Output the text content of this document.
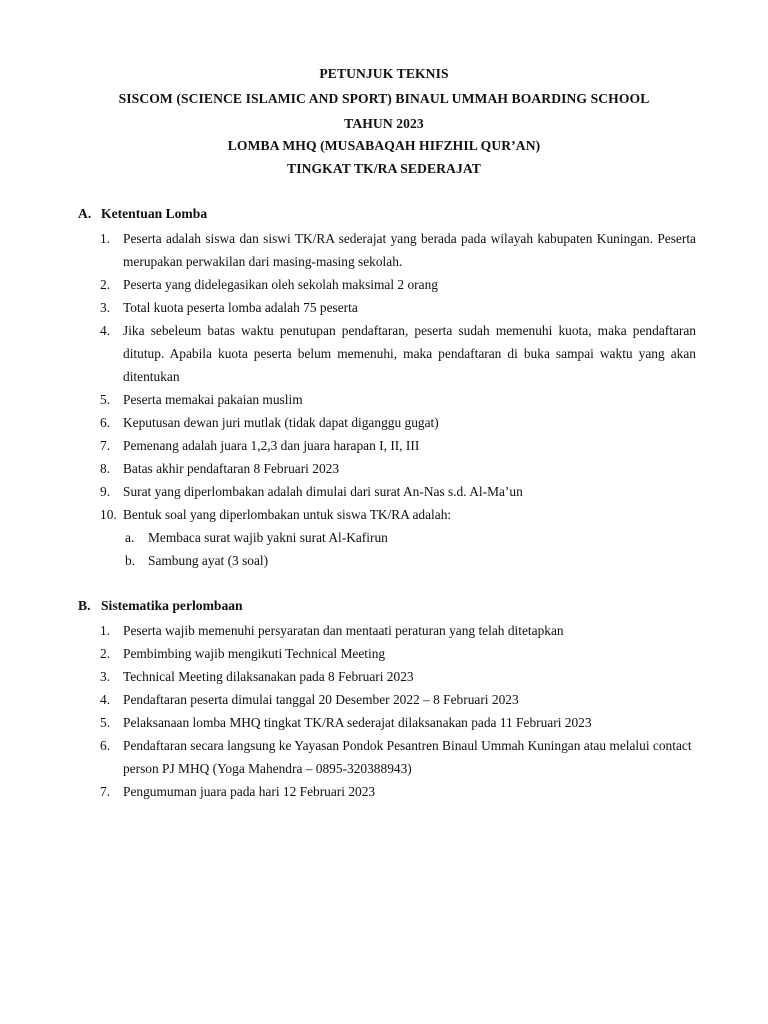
PETUNJUK TEKNIS
SISCOM (SCIENCE ISLAMIC AND SPORT) BINAUL UMMAH BOARDING SCHOOL
TAHUN 2023
LOMBA MHQ (MUSABAQAH HIFZHIL QUR’AN)
TINGKAT TK/RA SEDERAJAT
A. Ketentuan Lomba
1. Peserta adalah siswa dan siswi TK/RA sederajat yang berada pada wilayah kabupaten Kuningan. Peserta merupakan perwakilan dari masing-masing sekolah.
2. Peserta yang didelegasikan oleh sekolah maksimal 2 orang
3. Total kuota peserta lomba adalah 75 peserta
4. Jika sebeleum batas waktu penutupan pendaftaran, peserta sudah memenuhi kuota, maka pendaftaran ditutup. Apabila kuota peserta belum memenuhi, maka pendaftaran di buka sampai waktu yang akan ditentukan
5. Peserta memakai pakaian muslim
6. Keputusan dewan juri mutlak (tidak dapat diganggu gugat)
7. Pemenang adalah juara 1,2,3 dan juara harapan I, II, III
8. Batas akhir pendaftaran 8 Februari 2023
9. Surat yang diperlombakan adalah dimulai dari surat An-Nas s.d. Al-Ma’un
10. Bentuk soal yang diperlombakan untuk siswa TK/RA adalah:
a. Membaca surat wajib yakni surat Al-Kafirun
b. Sambung ayat (3 soal)
B. Sistematika perlombaan
1. Peserta wajib memenuhi persyaratan dan mentaati peraturan yang telah ditetapkan
2. Pembimbing wajib mengikuti Technical Meeting
3. Technical Meeting dilaksanakan pada 8 Februari 2023
4. Pendaftaran peserta dimulai tanggal 20 Desember 2022 – 8 Februari 2023
5. Pelaksanaan lomba MHQ tingkat TK/RA sederajat dilaksanakan pada 11 Februari 2023
6. Pendaftaran secara langsung ke Yayasan Pondok Pesantren Binaul Ummah Kuningan atau melalui contact person PJ MHQ (Yoga Mahendra – 0895-320388943)
7. Pengumuman juara pada hari 12 Februari 2023
